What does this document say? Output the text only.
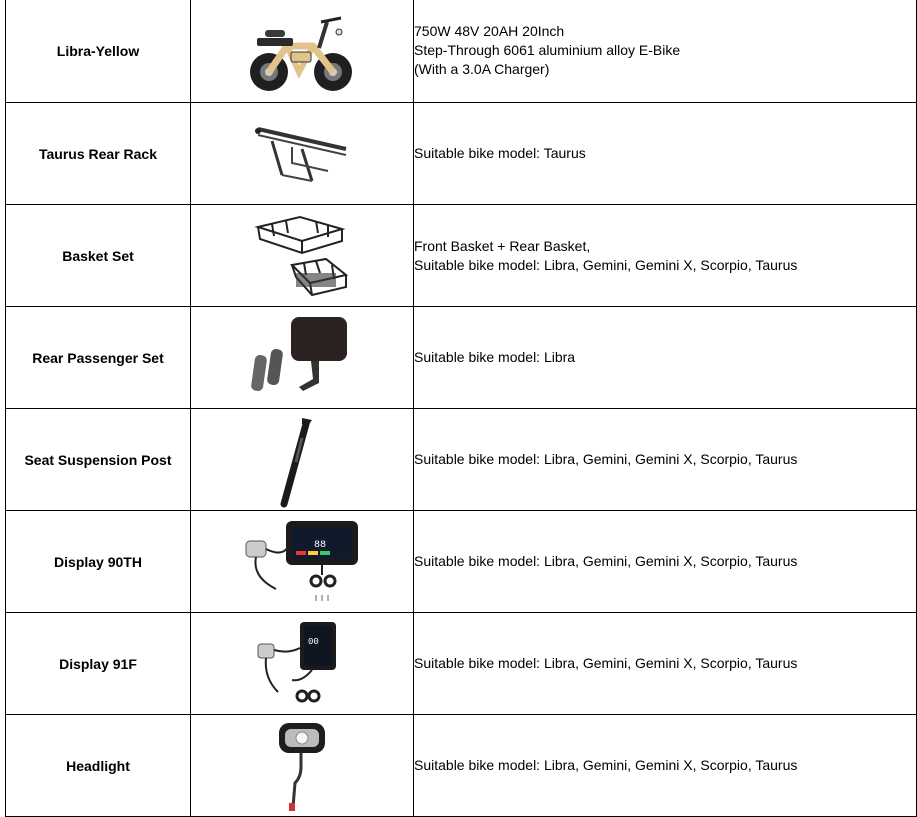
Libra-Yellow		750W 48V 20AH 20Inch
Step-Through 6061 aluminium alloy E-Bike
(With a 3.0A Charger)

Taurus Rear Rack		Suitable bike model: Taurus

Basket Set		Front Basket + Rear Basket,
Suitable bike model: Libra, Gemini, Gemini X, Scorpio, Taurus

Rear Passenger Set		Suitable bike model: Libra

Seat Suspension Post		Suitable bike model: Libra, Gemini, Gemini X, Scorpio, Taurus

Display 90TH	88	Suitable bike model: Libra, Gemini, Gemini X, Scorpio, Taurus

Display 91F	00	Suitable bike model: Libra, Gemini, Gemini X, Scorpio, Taurus

Headlight		Suitable bike model: Libra, Gemini, Gemini X, Scorpio, Taurus
